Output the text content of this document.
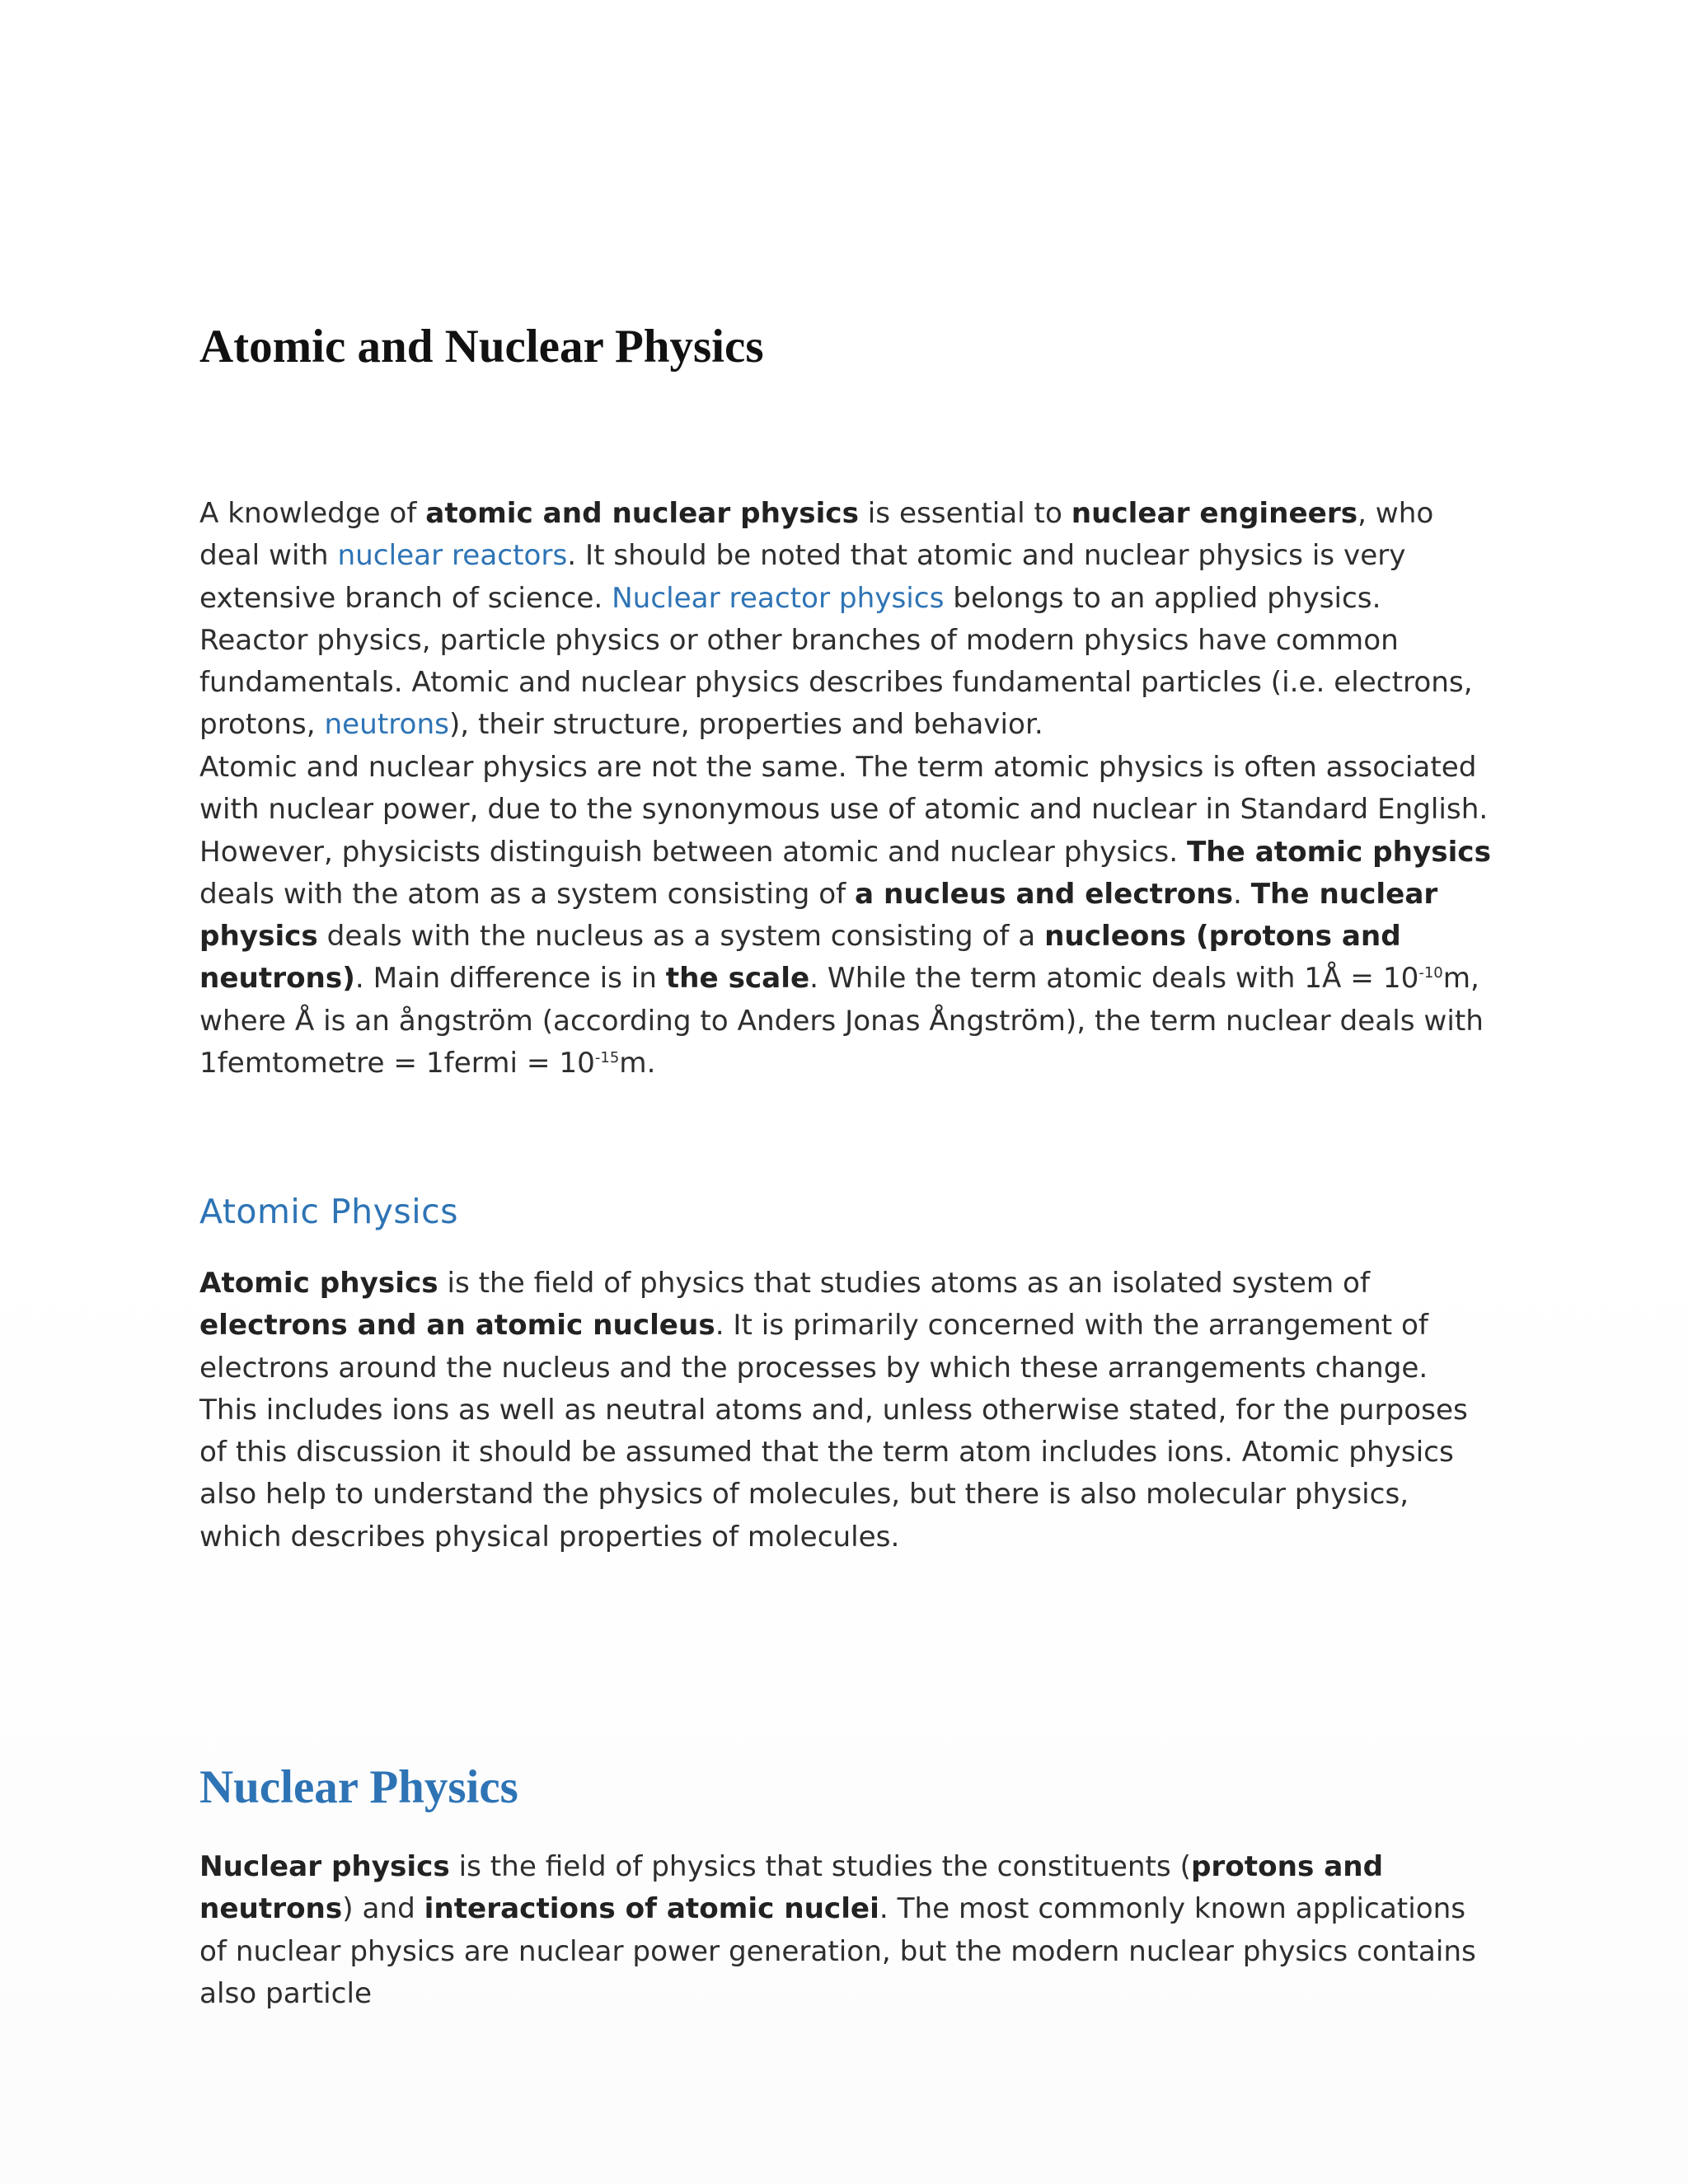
Atomic and Nuclear Physics

A knowledge of atomic and nuclear physics is essential to nuclear engineers, who deal with nuclear reactors. It should be noted that atomic and nuclear physics is very extensive branch of science. Nuclear reactor physics belongs to an applied physics. Reactor physics, particle physics or other branches of modern physics have common fundamentals. Atomic and nuclear physics describes fundamental particles (i.e. electrons, protons, neutrons), their structure, properties and behavior.

Atomic and nuclear physics are not the same. The term atomic physics is often associated with nuclear power, due to the synonymous use of atomic and nuclear in Standard English. However, physicists distinguish between atomic and nuclear physics. The atomic physics deals with the atom as a system consisting of a nucleus and electrons. The nuclear physics deals with the nucleus as a system consisting of a nucleons (protons and neutrons). Main difference is in the scale. While the term atomic deals with 1Å = $10^{-10}m$, where Å is an ångström (according to Anders Jonas Ångström), the term nuclear deals with 1femtometre = 1fermi = $10^{-15}m$.

Atomic Physics

Atomic physics is the field of physics that studies atoms as an isolated system of electrons and an atomic nucleus. It is primarily concerned with the arrangement of electrons around the nucleus and the processes by which these arrangements change. This includes ions as well as neutral atoms and, unless otherwise stated, for the purposes of this discussion it should be assumed that the term atom includes ions. Atomic physics also help to understand the physics of molecules, but there is also molecular physics, which describes physical properties of molecules.

Nuclear Physics

Nuclear physics is the field of physics that studies the constituents (protons and neutrons) and interactions of atomic nuclei. The most commonly known applications of nuclear physics are nuclear power generation, but the modern nuclear physics contains also particle
